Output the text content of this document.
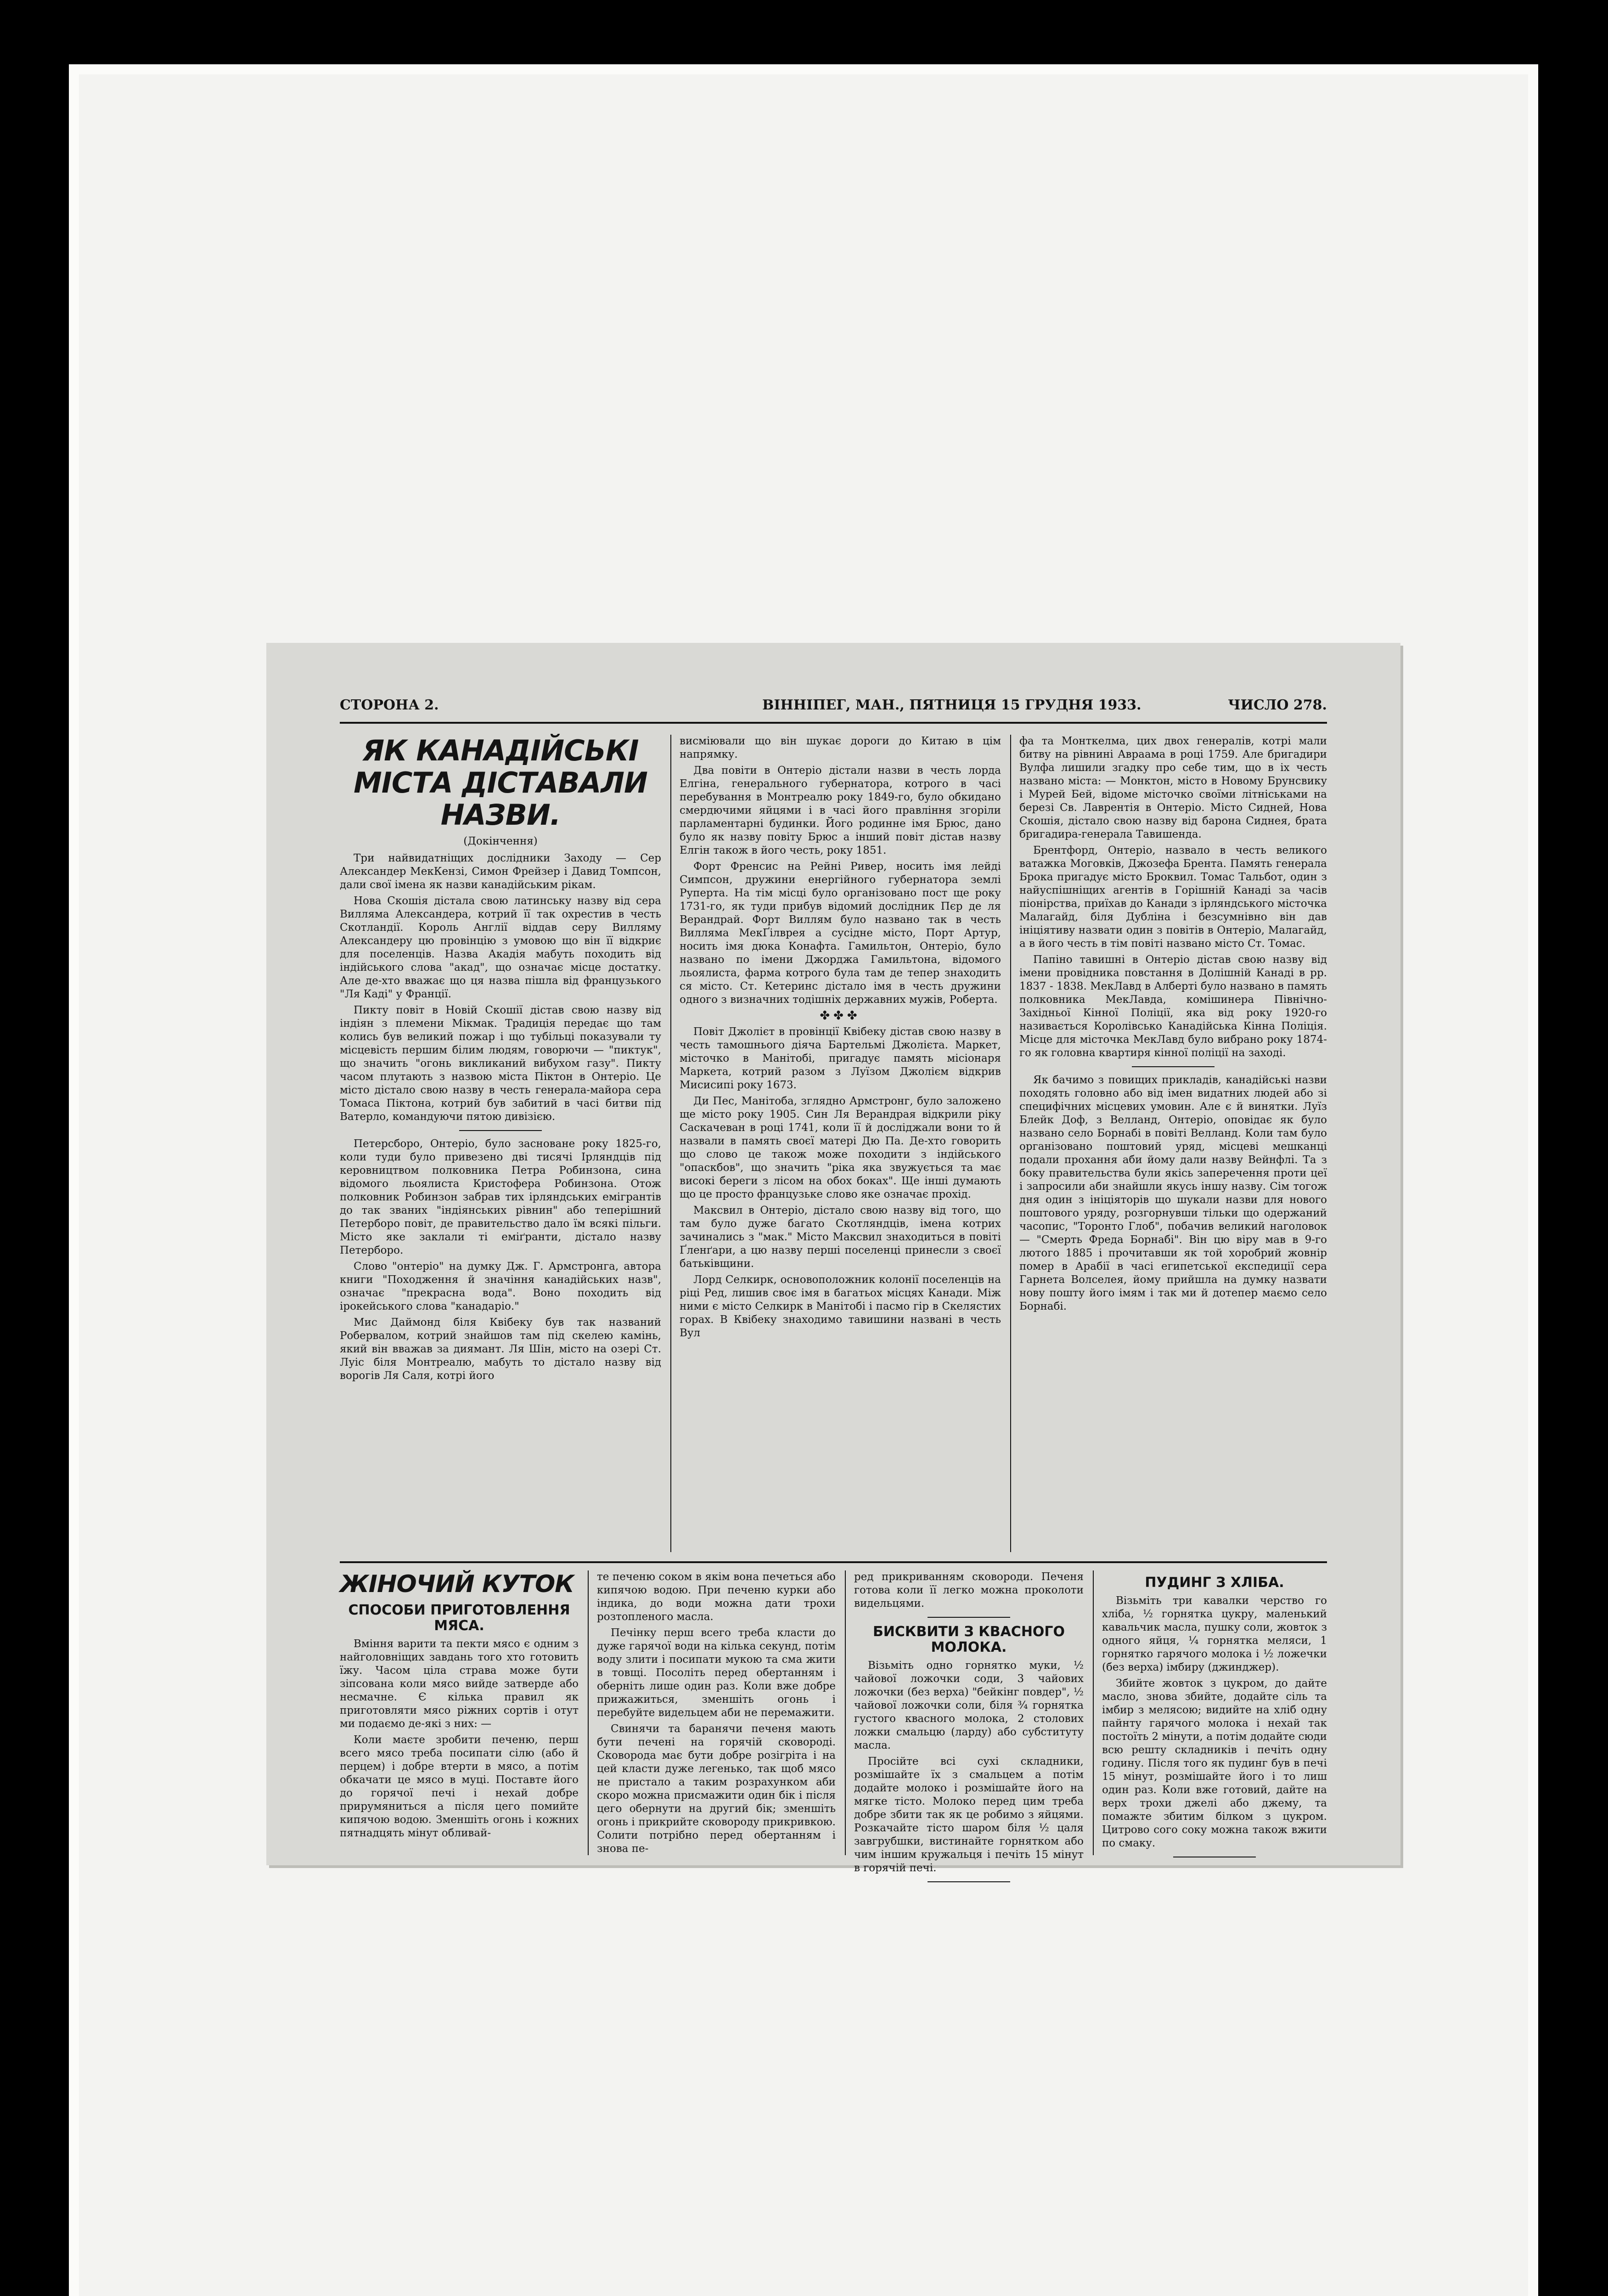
СТОРОНА 2.	ВІННІПЕГ, МАН., ПЯТНИЦЯ 15 ГРУДНЯ 1933.	ЧИСЛО 278.
ЯК КАНАДІЙСЬКІ МІСТА ДІСТАВАЛИ НАЗВИ.
(Докінчення)

Три найвидатніщих дослідники Заходу — Сер Алексaндер МекКензі, Симон Фрейзер і Давид Томпсон, дали свої імена як назви канадійським рікам.

Нова Скошія дістала свою латинську назву від сера Виллямa Александера, котрий її так охрестив в честь Скотландії. Король Англії віддав серу Виллямy Александеру цю провінцію з умовою що він її відкриє для поселенців. Назва Акадія мабуть походить від індійського слова "акад", що означає місце достатку. Але де-хто вважає що ця назва пішла від французького "Ля Каді" у Франції.

Пикту повіт в Новій Скошії дістав свою назву від індіян з племени Мікмак. Традиція передає що там колись був великий пожар і що тубільці показували ту місцевість першим білим людям, говорючи — "пиктук", що значить "огонь викликаний вибухом газу". Пикту часом плутають з назвою міста Піктон в Онтеріо. Це місто дістало свою назву в честь генерала-майора сера Томаса Піктона, котрий був забитий в часі битви під Ватерло, командуючи пятою дивізією.

Петерсборо, Онтеріо, було засноване року 1825-го, коли туди було привезено дві тисячі Ірляндців під керовництвом полковника Петра Робинзона, сина відомого льоялиста Кристофера Робинзона. Отож полковник Робинзон забрав тих ірляндських емігрантів до так званих "індіянських рівнин" або теперішний Петерборо повіт, де правительство дало їм всякі пільги. Місто яке заклали ті еміґранти, дістало назву Петерборо.

Слово "онтеріо" на думку Дж. Г. Армстронга, автора книги "Походження й значіння канадійських назв", означає "прекрасна вода". Воно походить від ірокейського слова "канадаріо."

Мис Даймонд біля Квібеку був так названий Робервалом, котрий знайшов там під скелею камінь, який він вважав за диямант. Ля Шін, місто на озері Ст. Луіс біля Монтреалю, мабуть то дістало назву від ворогів Ля Саля, котрі його

висміювали що він шукає дороги до Китаю в цім напрямку.

Два повіти в Онтеріо дістали назви в честь лорда Елгіна, генерального губернатора, котрого в часі перебування в Монтреалю року 1849-го, було обкидано смердючими яйцями і в часі його правління згоріли парламентарні будинки. Його родинне імя Брюс, дано було як назву повіту Брюс а інший повіт дістав назву Елгін також в його честь, року 1851.

Форт Френсис на Рейні Ривер, носить імя лейді Симпсон, дружини енергійного губернатора землі Руперта. На тім місці було організовано пост ще року 1731-го, як туди прибув відомий дослідник Пєр де ля Верандрай. Форт Виллям було названо так в честь Вилляма МекҐілврея а сусідне місто, Порт Артур, носить імя дюка Конафта. Гамильтон, Онтеріо, було названо по імени Джорджа Гамильтона, відомого льоялиста, фарма котрого була там де тепер знаходить ся місто. Ст. Кетеринс дістало імя в честь дружини одного з визначних тодішніх державних мужів, Роберта.

✤✤✤

Повіт Джолієт в провінції Квібеку дістав свою назву в честь тамошнього діяча Бартельмі Джолієта. Маркет, місточко в Манітобі, пригадує память місіонаря Маркета, котрий разом з Луїзом Джолієм відкрив Мисисипі року 1673.

Ди Пес, Манітоба, зглядно Армстронг, було заложено ще місто року 1905. Син Ля Верандрая відкрили ріку Саскачеван в році 1741, коли її й досліджали вони то й назвали в память своєї матері Дю Па. Де-хто говорить що слово це також може походити з індійського "опаскбов", що значить "ріка яка звужується та має високі береги з лісом на обох боках". Ще інші думають що це просто французьке слово яке означає прохід.

Максвил в Онтеріо, дістало свою назву від того, що там було дуже багато Скотляндців, імена котрих зачинались з "мак." Місто Максвил знаходиться в повіті Ґленґари, а цю назву перші поселенці принесли з своєї батьківщини.

Лорд Селкирк, основоположник колонії поселенців на ріці Ред, лишив своє імя в багатьох місцях Канади. Між ними є місто Селкирк в Манітобі і пасмо гір в Скелястих горах. В Квібеку знаходимо тавишини названі в честь Вул

фа та Монткелма, цих двох генералів, котрі мали битву на рівнині Авраама в році 1759. Але бригадири Вулфа лишили згадку про себе тим, що в іх честь названо міста: — Монктон, місто в Новому Брунсвику і Мурей Бей, відоме місточко своїми літніськами на березі Св. Лаврентія в Онтеріо. Місто Сидней, Нова Скошія, дістало свою назву від барона Сиднея, брата бригадира-генерала Тавишенда.

Брентфорд, Онтеріо, назвало в честь великого ватажка Моговків, Джозефа Брента. Память генерала Брока пригадує місто Броквил. Томас Тальбот, один з найуспішніщих агентів в Горішній Канаді за часів піонірства, приїхав до Канади з ірляндського місточка Малагайд, біля Дубліна і безсумнівно він дав ініціятиву назвати один з повітів в Онтеріо, Малагайд, а в його честь в тім повіті названо місто Ст. Томас.

Папіно тавишні в Онтеріо дістав свою назву від імени провідника повстання в Долішній Канаді в рр. 1837 - 1838. МекЛавд в Алберті було названо в память полковника МекЛавда, комішинера Північно-Західньої Кінної Поліції, яка від року 1920-го називається Королівсько Канадійська Кінна Поліція. Місце для місточка МекЛавд було вибрано року 1874-го як головна квартиря кінної поліції на заході.

Як бачимо з повищих прикладів, канадійські назви походять головно або від імен видатних людей або зі специфічних місцевих умовин. Але є й винятки. Луїз Блейк Доф, з Велланд, Онтеріо, оповідає як було названо село Борнабі в повіті Велланд. Коли там було організовано поштовий уряд, місцеві мешканці подали прохання аби йому дали назву Вейнфлі. Та з боку правительства були якісь заперечення проти цеї і запросили аби знайшли якусь іншу назву. Сім тогож дня один з ініціяторів що шукали назви для нового поштового уряду, розгорнувши тільки що одержаний часопис, "Торонто Глоб", побачив великий наголовок — "Смерть Фреда Борнабі". Він цю віру мав в 9-го лютого 1885 і прочитавши як той хоробрий жовнір помер в Арабії в часі египетської експедиції сера Гарнета Волселея, йому прийшла на думку назвати нову пошту його імям і так ми й дотепер маємо село Борнабі.

ЖІНОЧИЙ КУТОК
СПОСОБИ ПРИГОТОВЛЕННЯ МЯСА.

Вміння варити та пекти мясо є одним з найголовніщих завдань того хто готовить їжу. Часом ціла страва може бути зіпсована коли мясо вийде затверде або несмачне. Є кілька правил як приготовляти мясо ріжних сортів і отут ми подаємо де-які з них: —

Коли маєте зробити печеню, перш всего мясо треба посипати сілю (або й перцем) і добре втерти в мясо, а потім обкачати це мясо в муці. Поставте його до горячої печі і нехай добре прирумяниться а після цего помийте кипячою водою. Зменшіть огонь і кожних пятнадцять мінут обливай-

те печеню соком в якім вона печеться або кипячою водою. При печеню курки або індика, до води можна дати трохи розтопленого масла.

Печінку перш всего треба класти до дуже гарячої води на кілька секунд, потім воду злити і посипати мукою та сма жити в товщі. Посоліть перед обертанням і оберніть лише один раз. Коли вже добре прижажиться, зменшіть огонь і перебуйте видельцем аби не перемажити.

Свинячи та баранячи печеня мають бути печені на горячій сковороді. Сковорода має бути добре розігріта і на цей класти дуже легенько, так щоб мясо не пристало а таким розрахунком аби скоро можна присмажити один бік і після цего обернути на другий бік; зменшіть огонь і прикрийте сковороду прикривкою. Солити потрібно перед обертанням і знова пе-

ред прикриванням сковороди. Печеня готова коли її легко можна проколоти видельцями.

БИСКВИТИ З КВАСНОГО МОЛОКА.

Візьміть одно горнятко муки, ½ чайової ложочки соди, 3 чайових ложочки (без верха) "бейкінг повдер", ½ чайової ложочки соли, біля ¾ горнятка густого квасного молока, 2 столових ложки смальцю (ларду) або субституту масла.

Просійте всі сухі складники, розмішайте їх з смальцем а потім додайте молоко і розмішайте його на мягке тісто. Молоко перед цим треба добре збити так як це робимо з яйцями. Розкачайте тісто шаром біля ½ цаля завгрубшки, вистинайте горнятком або чим іншим кружальця і печіть 15 мінут в горячій печі.

ПУДИНГ З ХЛІБА.

Візьміть три кавалки черство го хліба, ½ горнятка цукру, маленький кавальчик масла, пушку соли, жовток з одного яйця, ¼ горнятка меляси, 1 горнятко гарячого молока і ½ ложечки (без верха) імбиру (джинджер).

Збийте жовток з цукром, до дайте масло, знова збийте, додайте сіль та імбир з мелясою; видийте на хліб одну пайнту гарячого молока і нехай так постоїть 2 мінути, а потім додайте сюди всю решту складників і печіть одну годину. Після того як пудинг був в печі 15 мінут, розмішайте його і то лиш один раз. Коли вже готовий, дайте на верх трохи джелі або джему, та помажте збитим білком з цукром. Цитрово сого соку можна також вжити по смаку.
